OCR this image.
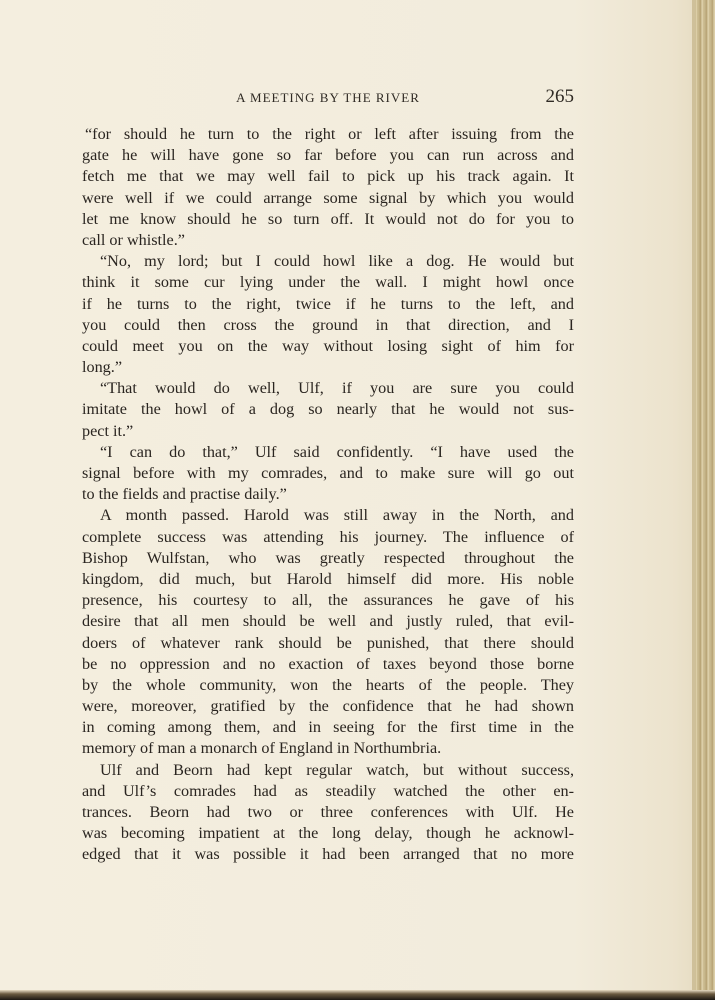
A MEETING BY THE RIVER	265
“for should he turn to the right or left after issuing from the
gate he will have gone so far before you can run across and
fetch me that we may well fail to pick up his track again. It
were well if we could arrange some signal by which you would
let me know should he so turn off. It would not do for you to
call or whistle.”
“No, my lord; but I could howl like a dog. He would but
think it some cur lying under the wall. I might howl once
if he turns to the right, twice if he turns to the left, and
you could then cross the ground in that direction, and I
could meet you on the way without losing sight of him for
long.”
“That would do well, Ulf, if you are sure you could
imitate the howl of a dog so nearly that he would not sus-
pect it.”
“I can do that,” Ulf said confidently. “I have used the
signal before with my comrades, and to make sure will go out
to the fields and practise daily.”
A month passed. Harold was still away in the North, and
complete success was attending his journey. The influence of
Bishop Wulfstan, who was greatly respected throughout the
kingdom, did much, but Harold himself did more. His noble
presence, his courtesy to all, the assurances he gave of his
desire that all men should be well and justly ruled, that evil-
doers of whatever rank should be punished, that there should
be no oppression and no exaction of taxes beyond those borne
by the whole community, won the hearts of the people. They
were, moreover, gratified by the confidence that he had shown
in coming among them, and in seeing for the first time in the
memory of man a monarch of England in Northumbria.
Ulf and Beorn had kept regular watch, but without success,
and Ulf’s comrades had as steadily watched the other en-
trances. Beorn had two or three conferences with Ulf. He
was becoming impatient at the long delay, though he acknowl-
edged that it was possible it had been arranged that no more
